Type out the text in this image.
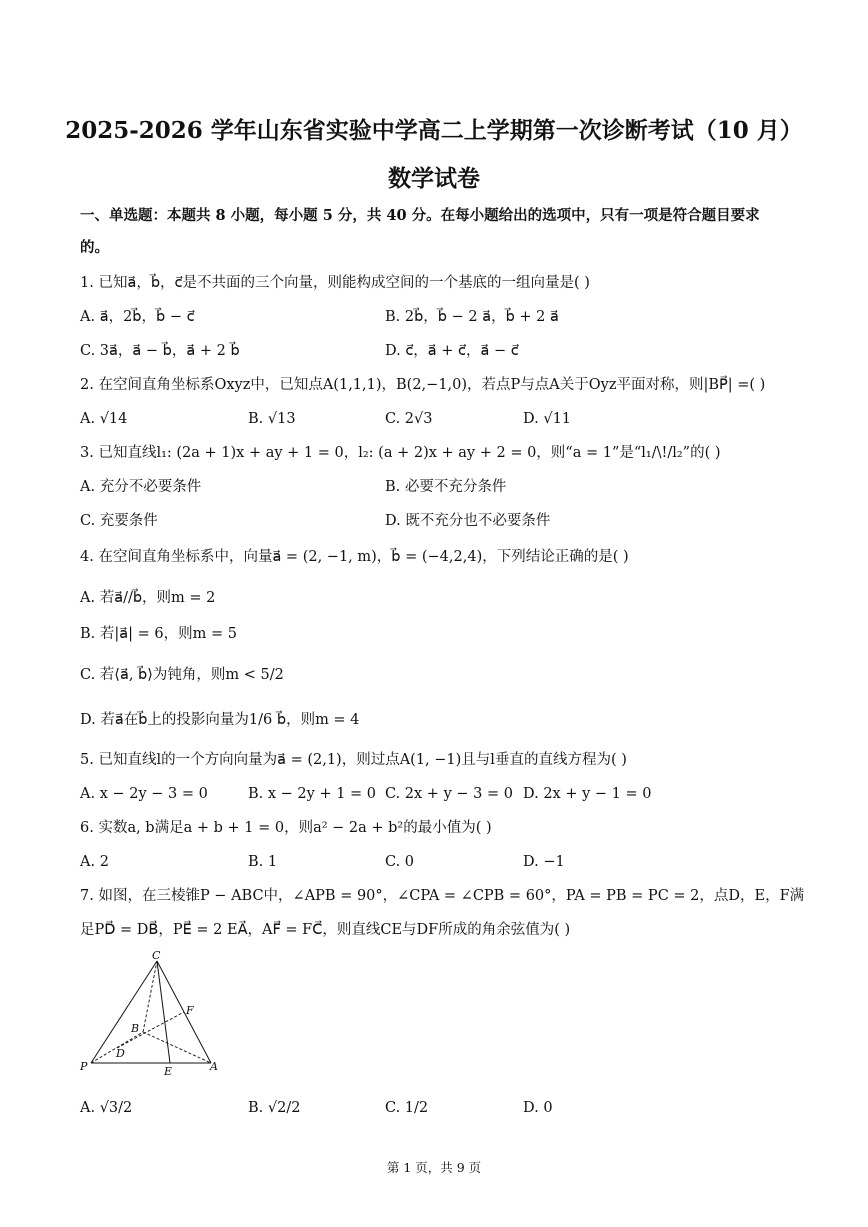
2025-2026 学年山东省实验中学高二上学期第一次诊断考试（10 月）
数学试卷
一、单选题：本题共 8 小题，每小题 5 分，共 40 分。在每小题给出的选项中，只有一项是符合题目要求
的。
1. 已知a⃗，b⃗，c⃗是不共面的三个向量，则能构成空间的一个基底的一组向量是( )
A. a⃗，2b⃗，b⃗ − c⃗	B. 2b⃗，b⃗ − 2 a⃗，b⃗ + 2 a⃗
C. 3a⃗，a⃗ − b⃗，a⃗ + 2 b⃗	D. c⃗，a⃗ + c⃗，a⃗ − c⃗
2. 在空间直角坐标系Oxyz中，已知点A(1,1,1)，B(2,−1,0)，若点P与点A关于Oyz平面对称，则|BP⃗| =( )
A. √14	B. √13	C. 2√3	D. √11
3. 已知直线l₁: (2a + 1)x + ay + 1 = 0，l₂: (a + 2)x + ay + 2 = 0，则“a = 1”是“l₁/\!/l₂”的( )
A. 充分不必要条件	B. 必要不充分条件
C. 充要条件	D. 既不充分也不必要条件
4. 在空间直角坐标系中，向量a⃗ = (2, −1, m)，b⃗ = (−4,2,4)，下列结论正确的是( )
A. 若a⃗//b⃗，则m = 2
B. 若|a⃗| = 6，则m = 5
C. 若⟨a⃗, b⃗⟩为钝角，则m < 5/2
D. 若a⃗在b⃗上的投影向量为1/6 b⃗，则m = 4
5. 已知直线l的一个方向向量为a⃗ = (2,1)，则过点A(1, −1)且与l垂直的直线方程为( )
A. x − 2y − 3 = 0	B. x − 2y + 1 = 0 C. 2x + y − 3 = 0 D. 2x + y − 1 = 0
6. 实数a, b满足a + b + 1 = 0，则a² − 2a + b²的最小值为( )
A. 2	B. 1	C. 0	D. −1
7. 如图，在三棱锥P − ABC中，∠APB = 90°，∠CPA = ∠CPB = 60°，PA = PB = PC = 2，点D，E，F满
足PD⃗ = DB⃗，PE⃗ = 2 EA⃗，AF⃗ = FC⃗，则直线CE与DF所成的角余弦值为( )
C
F
B
D
P	E	A
A. √3/2	B. √2/2	C. 1/2	D. 0
第 1 页，共 9 页
